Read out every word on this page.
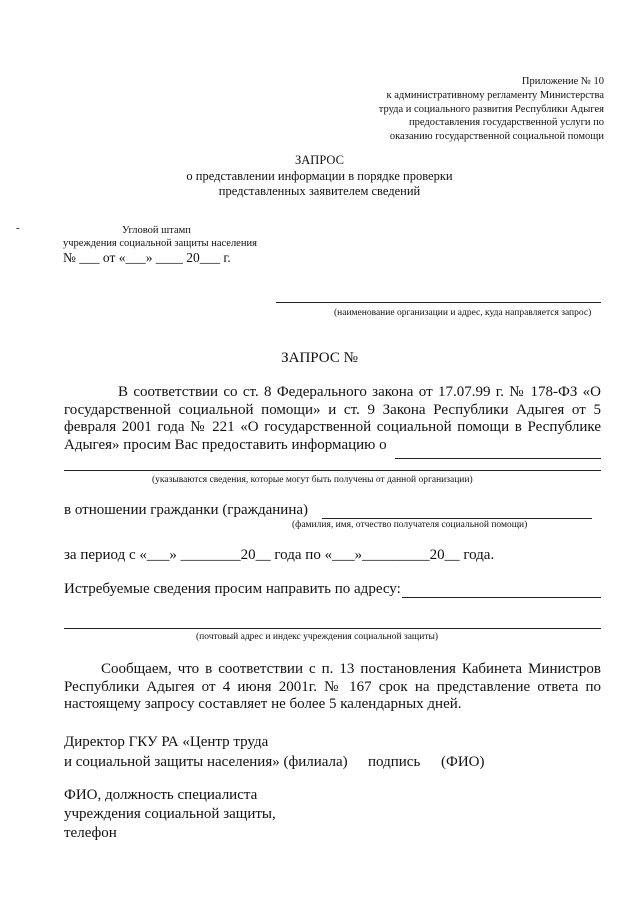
-
Приложение № 10
к административному регламенту Министерства
труда и социального развития Республики Адыгея
предоставления государственной услуги по
оказанию государственной социальной помощи
ЗАПРОС
о представлении информации в порядке проверки
представленных заявителем сведений
Угловой штамп
учреждения социальной защиты населения
№ ___ от «___» ____ 20___ г.
(наименование организации и адрес, куда направляется запрос)
ЗАПРОС №
В соответствии со ст. 8 Федерального закона от 17.07.99 г. № 178-ФЗ «О государственной социальной помощи» и ст. 9 Закона Республики Адыгея от 5 февраля 2001 года № 221 «О государственной социальной помощи в Республике Адыгея» просим Вас предоставить информацию о
(указываются сведения, которые могут быть получены от данной организации)
в отношении гражданки (гражданина)
(фамилия, имя, отчество получателя социальной помощи)
за период с «___» ________20__ года по «___»_________20__ года.
Истребуемые сведения просим направить по адресу:
(почтовый адрес и индекс учреждения социальной защиты)
Сообщаем, что в соответствии с п. 13 постановления Кабинета Министров Республики Адыгея от 4 июня 2001г. № 167 срок на представление ответа по настоящему запросу составляет не более 5 календарных дней.
Директор ГКУ РА «Центр труда
и социальной защиты населения» (филиала) подпись (ФИО)
ФИО, должность специалиста
учреждения социальной защиты,
телефон
